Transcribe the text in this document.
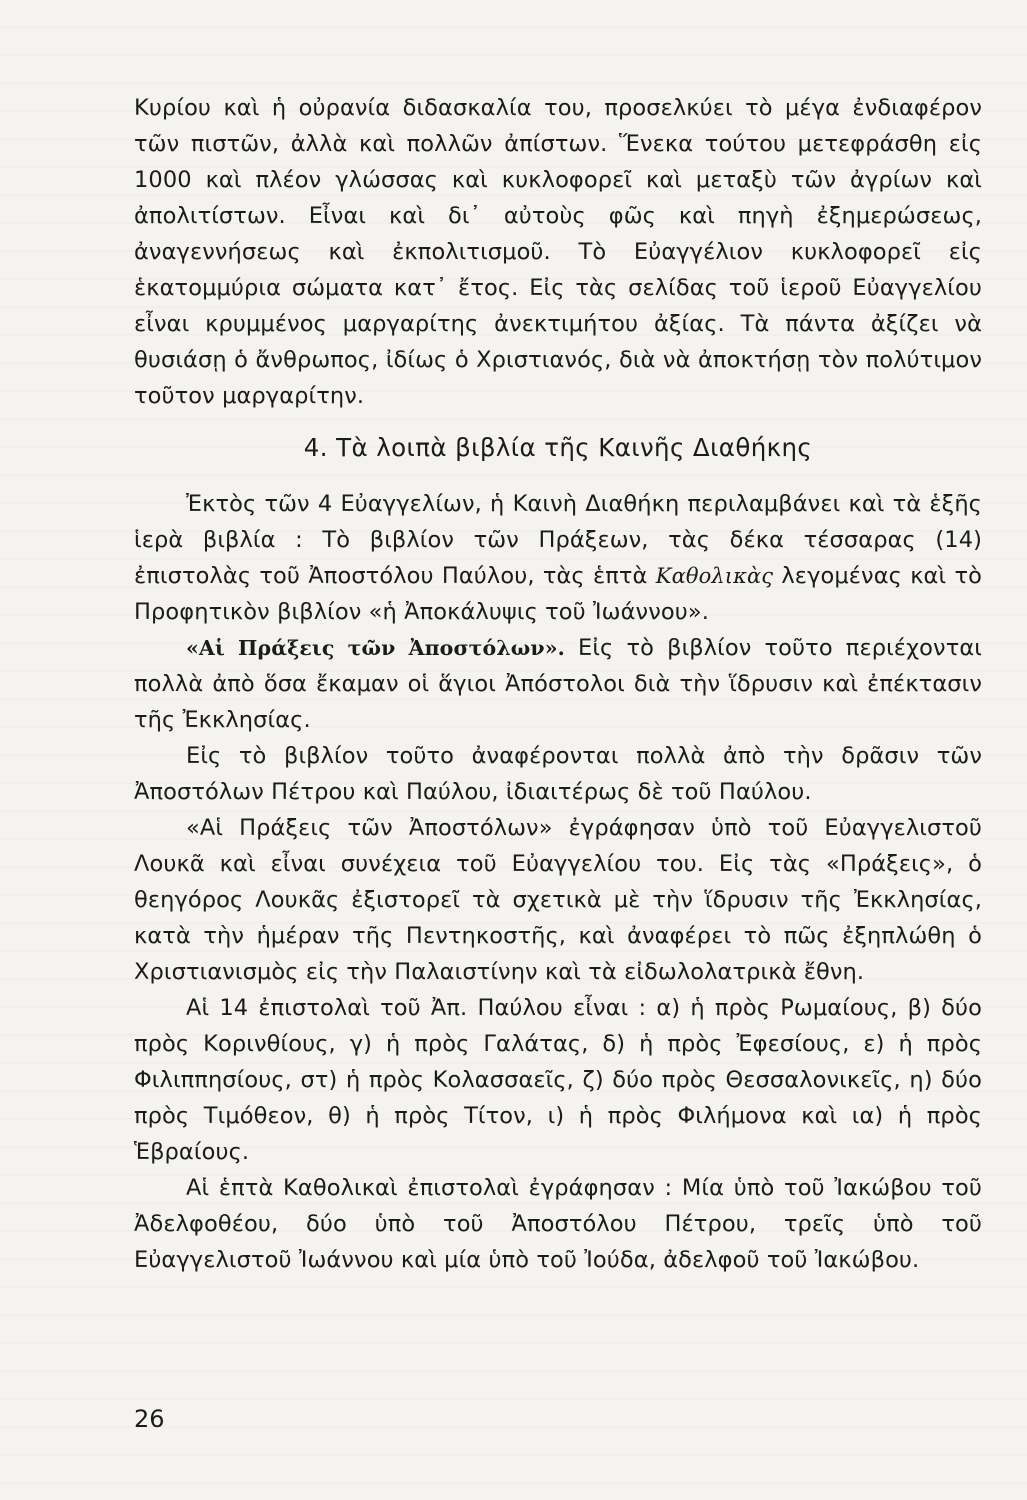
Κυρίου καὶ ἡ οὐρανία διδασκαλία του, προσελκύει τὸ μέγα ἐνδιαφέρον τῶν πιστῶν, ἀλλὰ καὶ πολλῶν ἀπίστων. Ἕνεκα τούτου μετεφράσθη εἰς 1000 καὶ πλέον γλώσσας καὶ κυκλοφορεῖ καὶ μεταξὺ τῶν ἀγρίων καὶ ἀπολιτίστων. Εἶναι καὶ δι᾽ αὐτοὺς φῶς καὶ πηγὴ ἐξημερώσεως, ἀναγεννήσεως καὶ ἐκπολιτισμοῦ. Τὸ Εὐαγγέλιον κυκλοφορεῖ εἰς ἑκατομμύρια σώματα κατ᾽ ἔτος. Εἰς τὰς σελίδας τοῦ ἱεροῦ Εὐαγγελίου εἶναι κρυμμένος μαργαρίτης ἀνεκτιμήτου ἀξίας. Τὰ πάντα ἀξίζει νὰ θυσιάσῃ ὁ ἄνθρωπος, ἰδίως ὁ Χριστιανός, διὰ νὰ ἀποκτήσῃ τὸν πολύτιμον τοῦτον μαργαρίτην.

4. Τὰ λοιπὰ βιβλία τῆς Καινῆς Διαθήκης

Ἐκτὸς τῶν 4 Εὐαγγελίων, ἡ Καινὴ Διαθήκη περιλαμβάνει καὶ τὰ ἑξῆς ἱερὰ βιβλία : Τὸ βιβλίον τῶν Πράξεων, τὰς δέκα τέσσαρας (14) ἐπιστολὰς τοῦ Ἀποστόλου Παύλου, τὰς ἑπτὰ Καθολικὰς λεγομένας καὶ τὸ Προφητικὸν βιβλίον «ἡ Ἀποκάλυψις τοῦ Ἰωάννου».

«Αἱ Πράξεις τῶν Ἀποστόλων». Εἰς τὸ βιβλίον τοῦτο περιέχονται πολλὰ ἀπὸ ὅσα ἔκαμαν οἱ ἅγιοι Ἀπόστολοι διὰ τὴν ἵδρυσιν καὶ ἐπέκτασιν τῆς Ἐκκλησίας.

Εἰς τὸ βιβλίον τοῦτο ἀναφέρονται πολλὰ ἀπὸ τὴν δρᾶσιν τῶν Ἀποστόλων Πέτρου καὶ Παύλου, ἰδιαιτέρως δὲ τοῦ Παύλου.

«Αἱ Πράξεις τῶν Ἀποστόλων» ἐγράφησαν ὑπὸ τοῦ Εὐαγγελιστοῦ Λουκᾶ καὶ εἶναι συνέχεια τοῦ Εὐαγγελίου του. Εἰς τὰς «Πράξεις», ὁ θεηγόρος Λουκᾶς ἐξιστορεῖ τὰ σχετικὰ μὲ τὴν ἵδρυσιν τῆς Ἐκκλησίας, κατὰ τὴν ἡμέραν τῆς Πεντηκοστῆς, καὶ ἀναφέρει τὸ πῶς ἐξηπλώθη ὁ Χριστιανισμὸς εἰς τὴν Παλαιστίνην καὶ τὰ εἰδωλολατρικὰ ἔθνη.

Αἱ 14 ἐπιστολαὶ τοῦ Ἀπ. Παύλου εἶναι : α) ἡ πρὸς Ρωμαίους, β) δύο πρὸς Κορινθίους, γ) ἡ πρὸς Γαλάτας, δ) ἡ πρὸς Ἐφεσίους, ε) ἡ πρὸς Φιλιππησίους, στ) ἡ πρὸς Κολασσαεῖς, ζ) δύο πρὸς Θεσσαλονικεῖς, η) δύο πρὸς Τιμόθεον, θ) ἡ πρὸς Τίτον, ι) ἡ πρὸς Φιλήμονα καὶ ια) ἡ πρὸς Ἑβραίους.

Αἱ ἑπτὰ Καθολικαὶ ἐπιστολαὶ ἐγράφησαν : Μία ὑπὸ τοῦ Ἰακώβου τοῦ Ἀδελφοθέου, δύο ὑπὸ τοῦ Ἀποστόλου Πέτρου, τρεῖς ὑπὸ τοῦ Εὐαγγελιστοῦ Ἰωάννου καὶ μία ὑπὸ τοῦ Ἰούδα, ἀδελφοῦ τοῦ Ἰακώβου.

26
